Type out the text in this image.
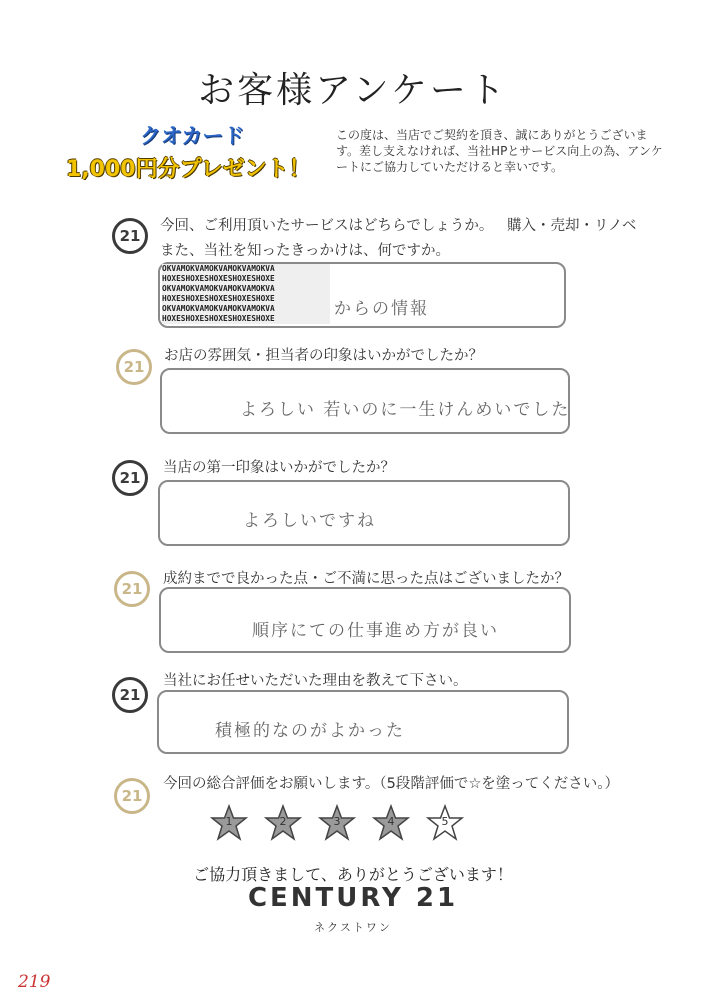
お客様アンケート
クオカード
1,000円分プレゼント！
この度は、当店でご契約を頂き、誠にありがとうございます。差し支えなければ、当社HPとサービス向上の為、アンケートにご協力していただけると幸いです。
21
今回、ご利用頂いたサービスはどちらでしょうか。 購入・売却・リノベ
また、当社を知ったきっかけは、何ですか。
OKVAMOKVAMOKVAMOKVAMOKVA
HOXESHOXESHOXESHOXESHOXE
OKVAMOKVAMOKVAMOKVAMOKVA
HOXESHOXESHOXESHOXESHOXE
OKVAMOKVAMOKVAMOKVAMOKVA
HOXESHOXESHOXESHOXESHOXE	からの情報
21
お店の雰囲気・担当者の印象はいかがでしたか？
よろしい 若いのに一生けんめいでした
21
当店の第一印象はいかがでしたか？
よろしいですね
21
成約までで良かった点・ご不満に思った点はございましたか？
順序にての仕事進め方が良い
21
当社にお任せいただいた理由を教えて下さい。
積極的なのがよかった
21
今回の総合評価をお願いします。（5段階評価で☆を塗ってください。）
1	2	3	4	5
ご協力頂きまして、ありがとうございます！
CENTURY 21
ネクストワン
219
